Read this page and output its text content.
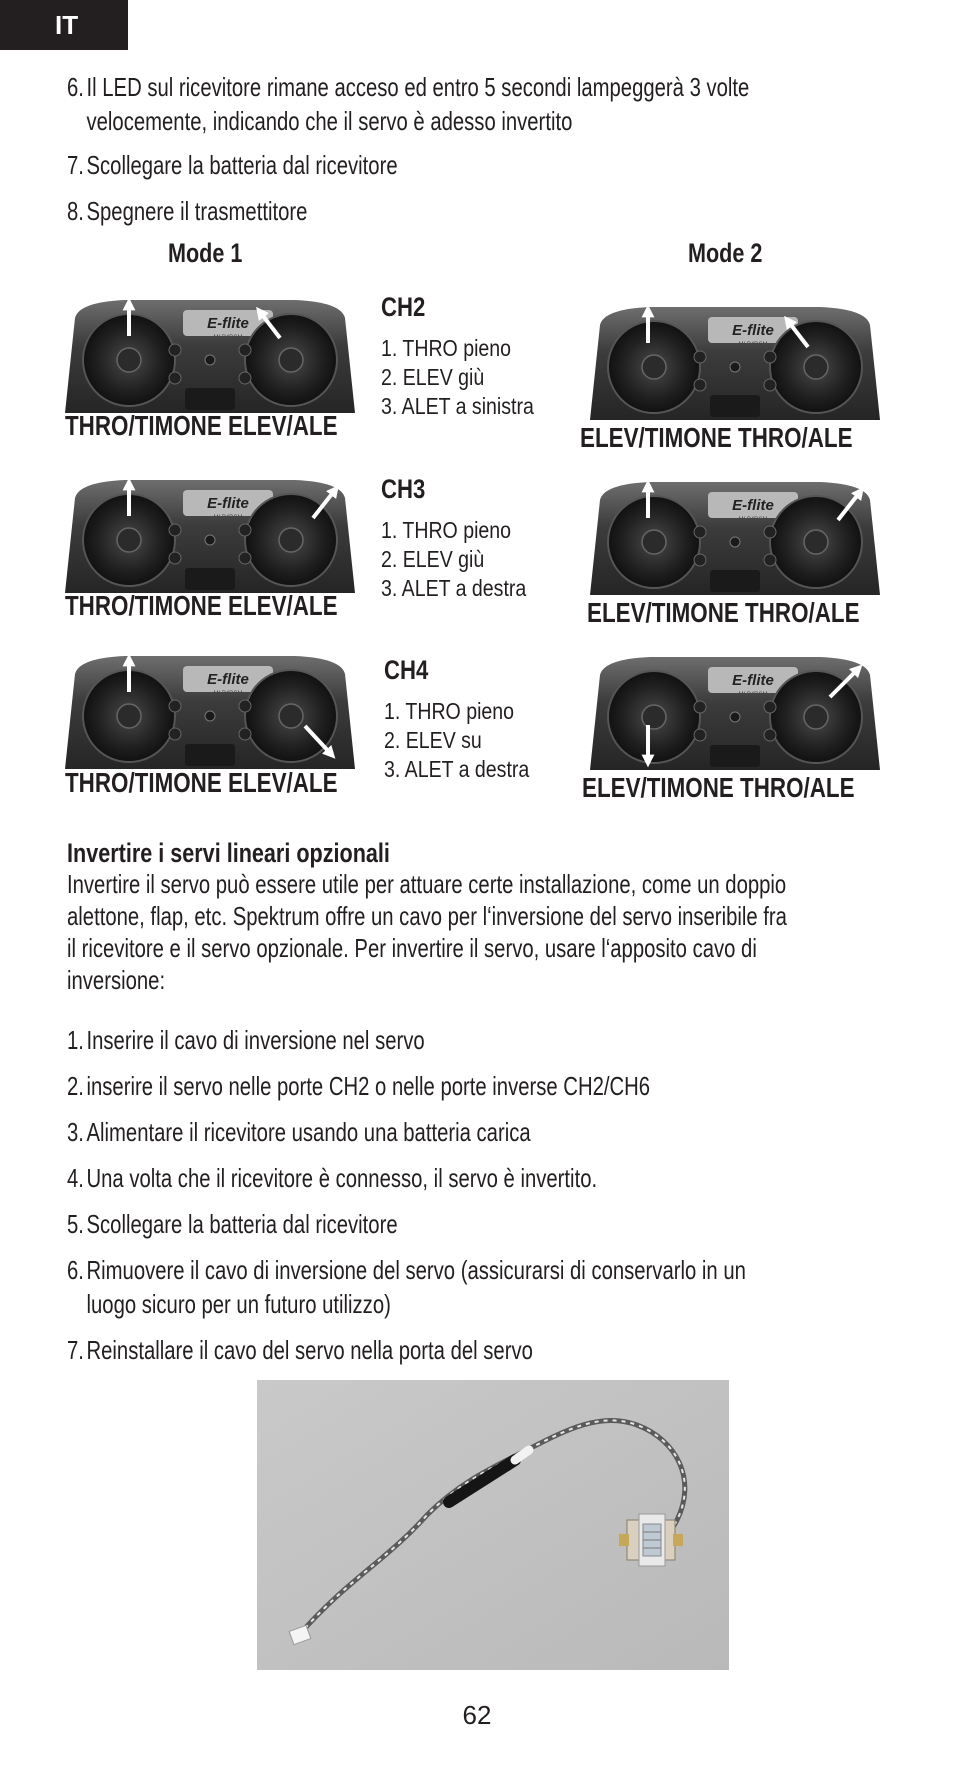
IT
6.Il LED sul ricevitore rimane acceso ed entro 5 secondi lampeggerà 3 volte
velocemente, indicando che il servo è adesso invertito
7.Scollegare la batteria dal ricevitore
8.Spegnere il trasmettitore
Mode 1	Mode 2
E-flite
MLP4DSM
THRO/TIMONE ELEV/ALE
CH2
1. THRO pieno
2. ELEV giù
3. ALET a sinistra
E-flite
MLP4DSM
ELEV/TIMONE THRO/ALE
E-flite
MLP4DSM
THRO/TIMONE ELEV/ALE
CH3
1. THRO pieno
2. ELEV giù
3. ALET a destra
E-flite
MLP4DSM
ELEV/TIMONE THRO/ALE
E-flite
MLP4DSM
THRO/TIMONE ELEV/ALE
CH4
1. THRO pieno
2. ELEV su
3. ALET a destra
E-flite
MLP4DSM
ELEV/TIMONE THRO/ALE
Invertire i servi lineari opzionali
Invertire il servo può essere utile per attuare certe installazione, come un doppio
alettone, flap, etc. Spektrum offre un cavo per l‘inversione del servo inseribile fra
il ricevitore e il servo opzionale. Per invertire il servo, usare l‘apposito cavo di
inversione:
1.Inserire il cavo di inversione nel servo
2.inserire il servo nelle porte CH2 o nelle porte inverse CH2/CH6
3.Alimentare il ricevitore usando una batteria carica
4.Una volta che il ricevitore è connesso, il servo è invertito.
5.Scollegare la batteria dal ricevitore
6.Rimuovere il cavo di inversione del servo (assicurarsi di conservarlo in un
luogo sicuro per un futuro utilizzo)
7.Reinstallare il cavo del servo nella porta del servo
62
